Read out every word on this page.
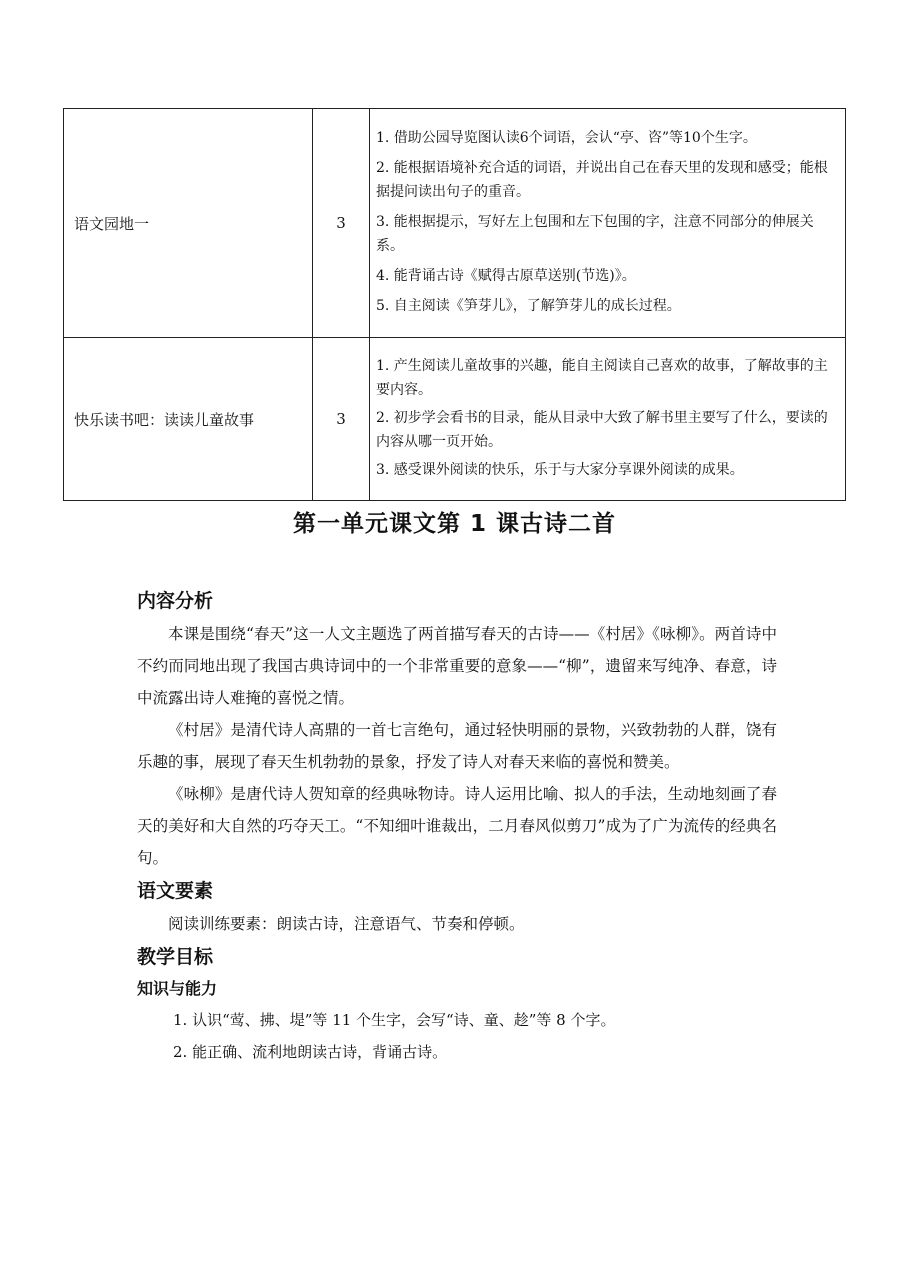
语文园地一	3	1. 借助公园导览图认读6个词语，会认“亭、咨”等10个生字。
2. 能根据语境补充合适的词语，并说出自己在春天里的发现和感受；能根据提问读出句子的重音。
3. 能根据提示，写好左上包围和左下包围的字，注意不同部分的伸展关系。
4. 能背诵古诗《赋得古原草送别(节选)》。
5. 自主阅读《笋芽儿》，了解笋芽儿的成长过程。

快乐读书吧：读读儿童故事	3	1. 产生阅读儿童故事的兴趣，能自主阅读自己喜欢的故事，了解故事的主要内容。
2. 初步学会看书的目录，能从目录中大致了解书里主要写了什么，要读的内容从哪一页开始。
3. 感受课外阅读的快乐，乐于与大家分享课外阅读的成果。
第一单元课文第 1 课古诗二首
内容分析

本课是围绕“春天”这一人文主题选了两首描写春天的古诗——《村居》《咏柳》。两首诗中不约而同地出现了我国古典诗词中的一个非常重要的意象——“柳”，遗留来写纯净、春意，诗中流露出诗人难掩的喜悦之情。

《村居》是清代诗人高鼎的一首七言绝句，通过轻快明丽的景物，兴致勃勃的人群，饶有乐趣的事，展现了春天生机勃勃的景象，抒发了诗人对春天来临的喜悦和赞美。

《咏柳》是唐代诗人贺知章的经典咏物诗。诗人运用比喻、拟人的手法，生动地刻画了春天的美好和大自然的巧夺天工。“不知细叶谁裁出，二月春风似剪刀”成为了广为流传的经典名句。

语文要素

阅读训练要素：朗读古诗，注意语气、节奏和停顿。

教学目标
知识与能力

1. 认识“莺、拂、堤”等 11 个生字，会写“诗、童、趁”等 8 个字。

2. 能正确、流利地朗读古诗，背诵古诗。
